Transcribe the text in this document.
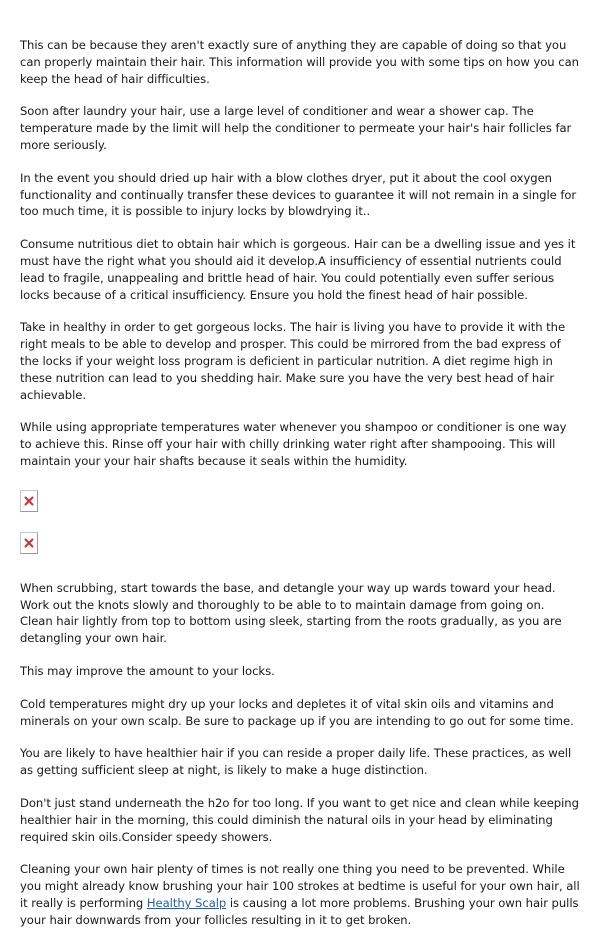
This can be because they aren't exactly sure of anything they are capable of doing so that you can properly maintain their hair. This information will provide you with some tips on how you can keep the head of hair difficulties.

Soon after laundry your hair, use a large level of conditioner and wear a shower cap. The temperature made by the limit will help the conditioner to permeate your hair's hair follicles far more seriously.

In the event you should dried up hair with a blow clothes dryer, put it about the cool oxygen functionality and continually transfer these devices to guarantee it will not remain in a single for too much time, it is possible to injury locks by blowdrying it..

Consume nutritious diet to obtain hair which is gorgeous. Hair can be a dwelling issue and yes it must have the right what you should aid it develop.A insufficiency of essential nutrients could lead to fragile, unappealing and brittle head of hair. You could potentially even suffer serious locks because of a critical insufficiency. Ensure you hold the finest head of hair possible.

Take in healthy in order to get gorgeous locks. The hair is living you have to provide it with the right meals to be able to develop and prosper. This could be mirrored from the bad express of the locks if your weight loss program is deficient in particular nutrition. A diet regime high in these nutrition can lead to you shedding hair. Make sure you have the very best head of hair achievable.

While using appropriate temperatures water whenever you shampoo or conditioner is one way to achieve this. Rinse off your hair with chilly drinking water right after shampooing. This will maintain your your hair shafts because it seals within the humidity.

When scrubbing, start towards the base, and detangle your way up wards toward your head. Work out the knots slowly and thoroughly to be able to to maintain damage from going on. Clean hair lightly from top to bottom using sleek, starting from the roots gradually, as you are detangling your own hair.

This may improve the amount to your locks.

Cold temperatures might dry up your locks and depletes it of vital skin oils and vitamins and minerals on your own scalp. Be sure to package up if you are intending to go out for some time.

You are likely to have healthier hair if you can reside a proper daily life. These practices, as well as getting sufficient sleep at night, is likely to make a huge distinction.

Don't just stand underneath the h2o for too long. If you want to get nice and clean while keeping healthier hair in the morning, this could diminish the natural oils in your head by eliminating required skin oils.Consider speedy showers.

Cleaning your own hair plenty of times is not really one thing you need to be prevented. While you might already know brushing your hair 100 strokes at bedtime is useful for your own hair, all it really is performing Healthy Scalp is causing a lot more problems. Brushing your own hair pulls your hair downwards from your follicles resulting in it to get broken.
